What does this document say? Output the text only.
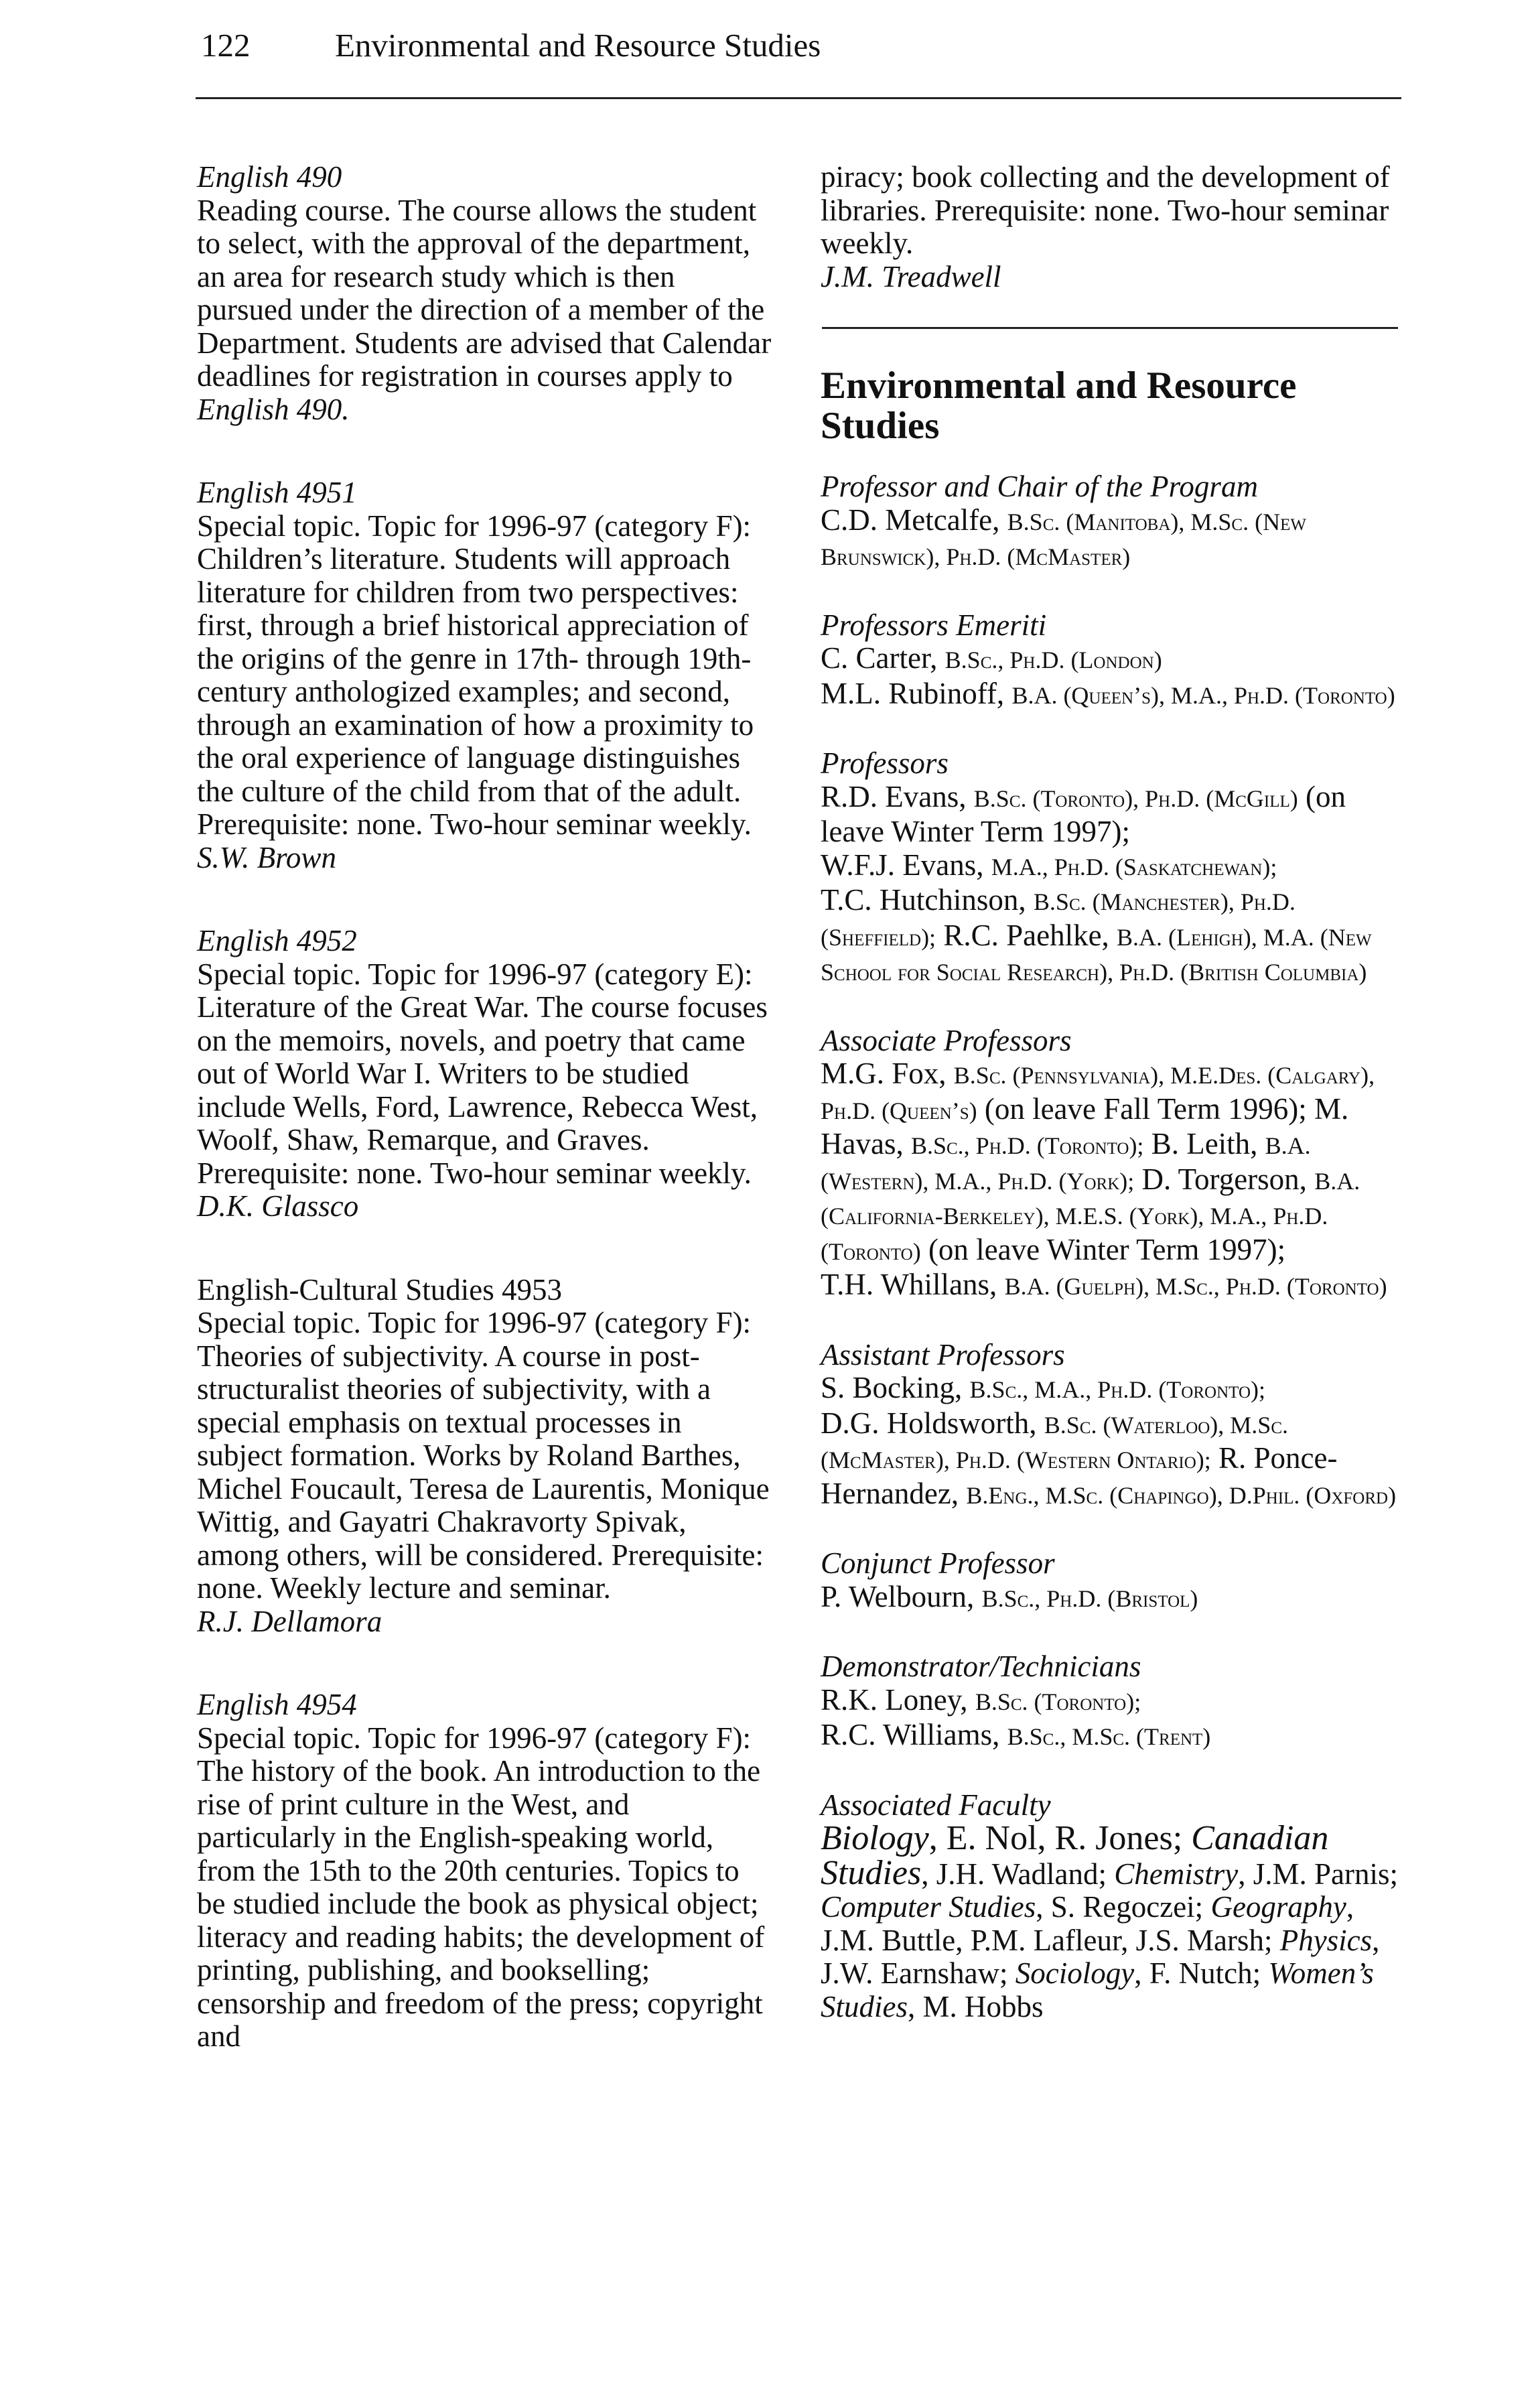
122	Environmental and Resource Studies
English 490
Reading course. The course allows the student to select, with the approval of the department, an area for research study which is then pursued under the direction of a member of the Department. Students are advised that Calendar deadlines for registration in courses apply to English 490.
English 4951
Special topic. Topic for 1996-97 (category F): Children’s literature. Students will approach literature for children from two perspectives: first, through a brief historical appreciation of the origins of the genre in 17th- through 19th-century anthologized examples; and second, through an examination of how a proximity to the oral experience of language distinguishes the culture of the child from that of the adult. Prerequisite: none. Two-hour seminar weekly.
S.W. Brown
English 4952
Special topic. Topic for 1996-97 (category E): Literature of the Great War. The course focuses on the memoirs, novels, and poetry that came out of World War I. Writers to be studied include Wells, Ford, Lawrence, Rebecca West, Woolf, Shaw, Remarque, and Graves. Prerequisite: none. Two-hour seminar weekly.
D.K. Glassco
English-Cultural Studies 4953
Special topic. Topic for 1996-97 (category F): Theories of subjectivity. A course in post-structuralist theories of subjectivity, with a special emphasis on textual processes in subject formation. Works by Roland Barthes, Michel Foucault, Teresa de Laurentis, Monique Wittig, and Gayatri Chakravorty Spivak, among others, will be considered. Prerequisite: none. Weekly lecture and seminar.
R.J. Dellamora
English 4954
Special topic. Topic for 1996-97 (category F): The history of the book. An introduction to the rise of print culture in the West, and particularly in the English-speaking world, from the 15th to the 20th centuries. Topics to be studied include the book as physical object; literacy and reading habits; the development of printing, publishing, and bookselling; censorship and freedom of the press; copyright and
piracy; book collecting and the development of libraries. Prerequisite: none. Two-hour seminar weekly.
J.M. Treadwell
Environmental and Resource Studies
Professor and Chair of the Program
C.D. Metcalfe, B.Sc. (Manitoba), M.Sc. (New Brunswick), Ph.D. (McMaster)
Professors Emeriti
C. Carter, B.Sc., Ph.D. (London)
M.L. Rubinoff, B.A. (Queen’s), M.A., Ph.D. (Toronto)
Professors
R.D. Evans, B.Sc. (Toronto), Ph.D. (McGill) (on leave Winter Term 1997);
W.F.J. Evans, M.A., Ph.D. (Saskatchewan);
T.C. Hutchinson, B.Sc. (Manchester), Ph.D. (Sheffield); R.C. Paehlke, B.A. (Lehigh), M.A. (New School for Social Research), Ph.D. (British Columbia)
Associate Professors
M.G. Fox, B.Sc. (Pennsylvania), M.E.Des. (Calgary), Ph.D. (Queen’s) (on leave Fall Term 1996); M. Havas, B.Sc., Ph.D. (Toronto); B. Leith, B.A. (Western), M.A., Ph.D. (York); D. Torgerson, B.A. (California-Berkeley), M.E.S. (York), M.A., Ph.D. (Toronto) (on leave Winter Term 1997);
T.H. Whillans, B.A. (Guelph), M.Sc., Ph.D. (Toronto)
Assistant Professors
S. Bocking, B.Sc., M.A., Ph.D. (Toronto);
D.G. Holdsworth, B.Sc. (Waterloo), M.Sc. (McMaster), Ph.D. (Western Ontario); R. Ponce-Hernandez, B.Eng., M.Sc. (Chapingo), D.Phil. (Oxford)
Conjunct Professor
P. Welbourn, B.Sc., Ph.D. (Bristol)
Demonstrator/Technicians
R.K. Loney, B.Sc. (Toronto);
R.C. Williams, B.Sc., M.Sc. (Trent)
Associated Faculty
Biology, E. Nol, R. Jones; Canadian Studies, J.H. Wadland; Chemistry, J.M. Parnis; Computer Studies, S. Regoczei; Geography, J.M. Buttle, P.M. Lafleur, J.S. Marsh; Physics, J.W. Earnshaw; Sociology, F. Nutch; Women’s Studies, M. Hobbs
